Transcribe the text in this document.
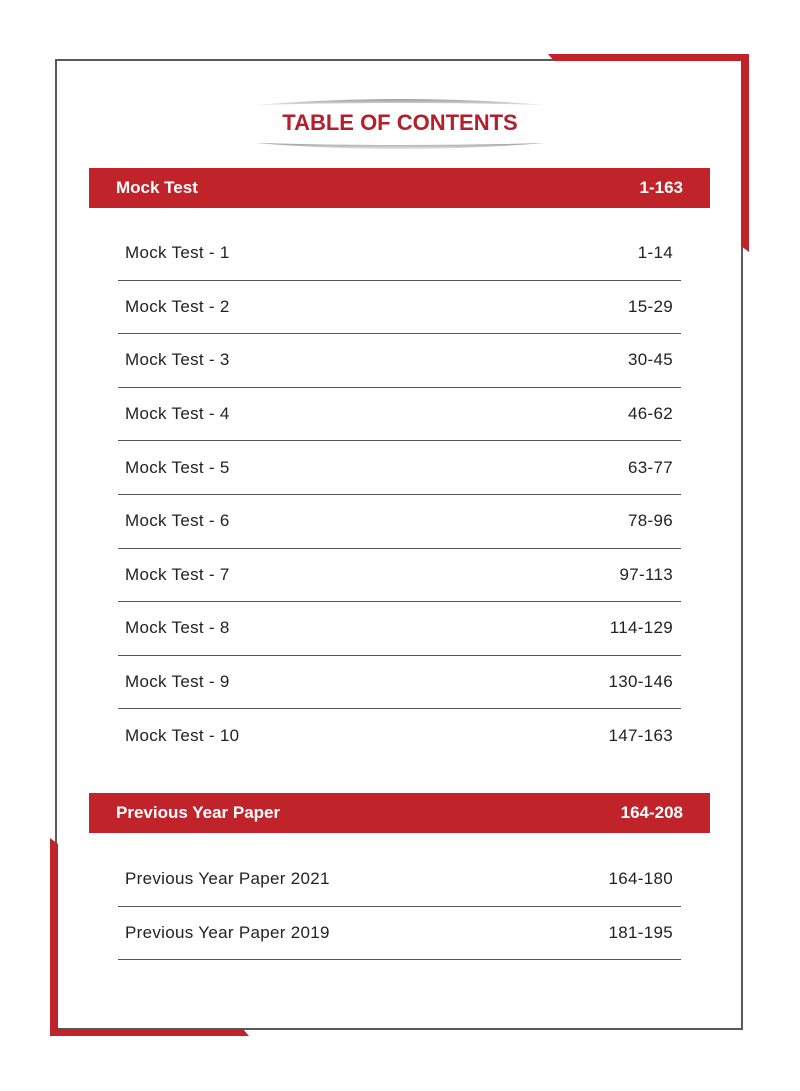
TABLE OF CONTENTS
Mock Test	1-163
Mock Test - 1	1-14
Mock Test - 2	15-29
Mock Test - 3	30-45
Mock Test - 4	46-62
Mock Test - 5	63-77
Mock Test - 6	78-96
Mock Test - 7	97-113
Mock Test - 8	114-129
Mock Test - 9	130-146
Mock Test - 10	147-163
Previous Year Paper	164-208
Previous Year Paper 2021	164-180
Previous Year Paper 2019	181-195
